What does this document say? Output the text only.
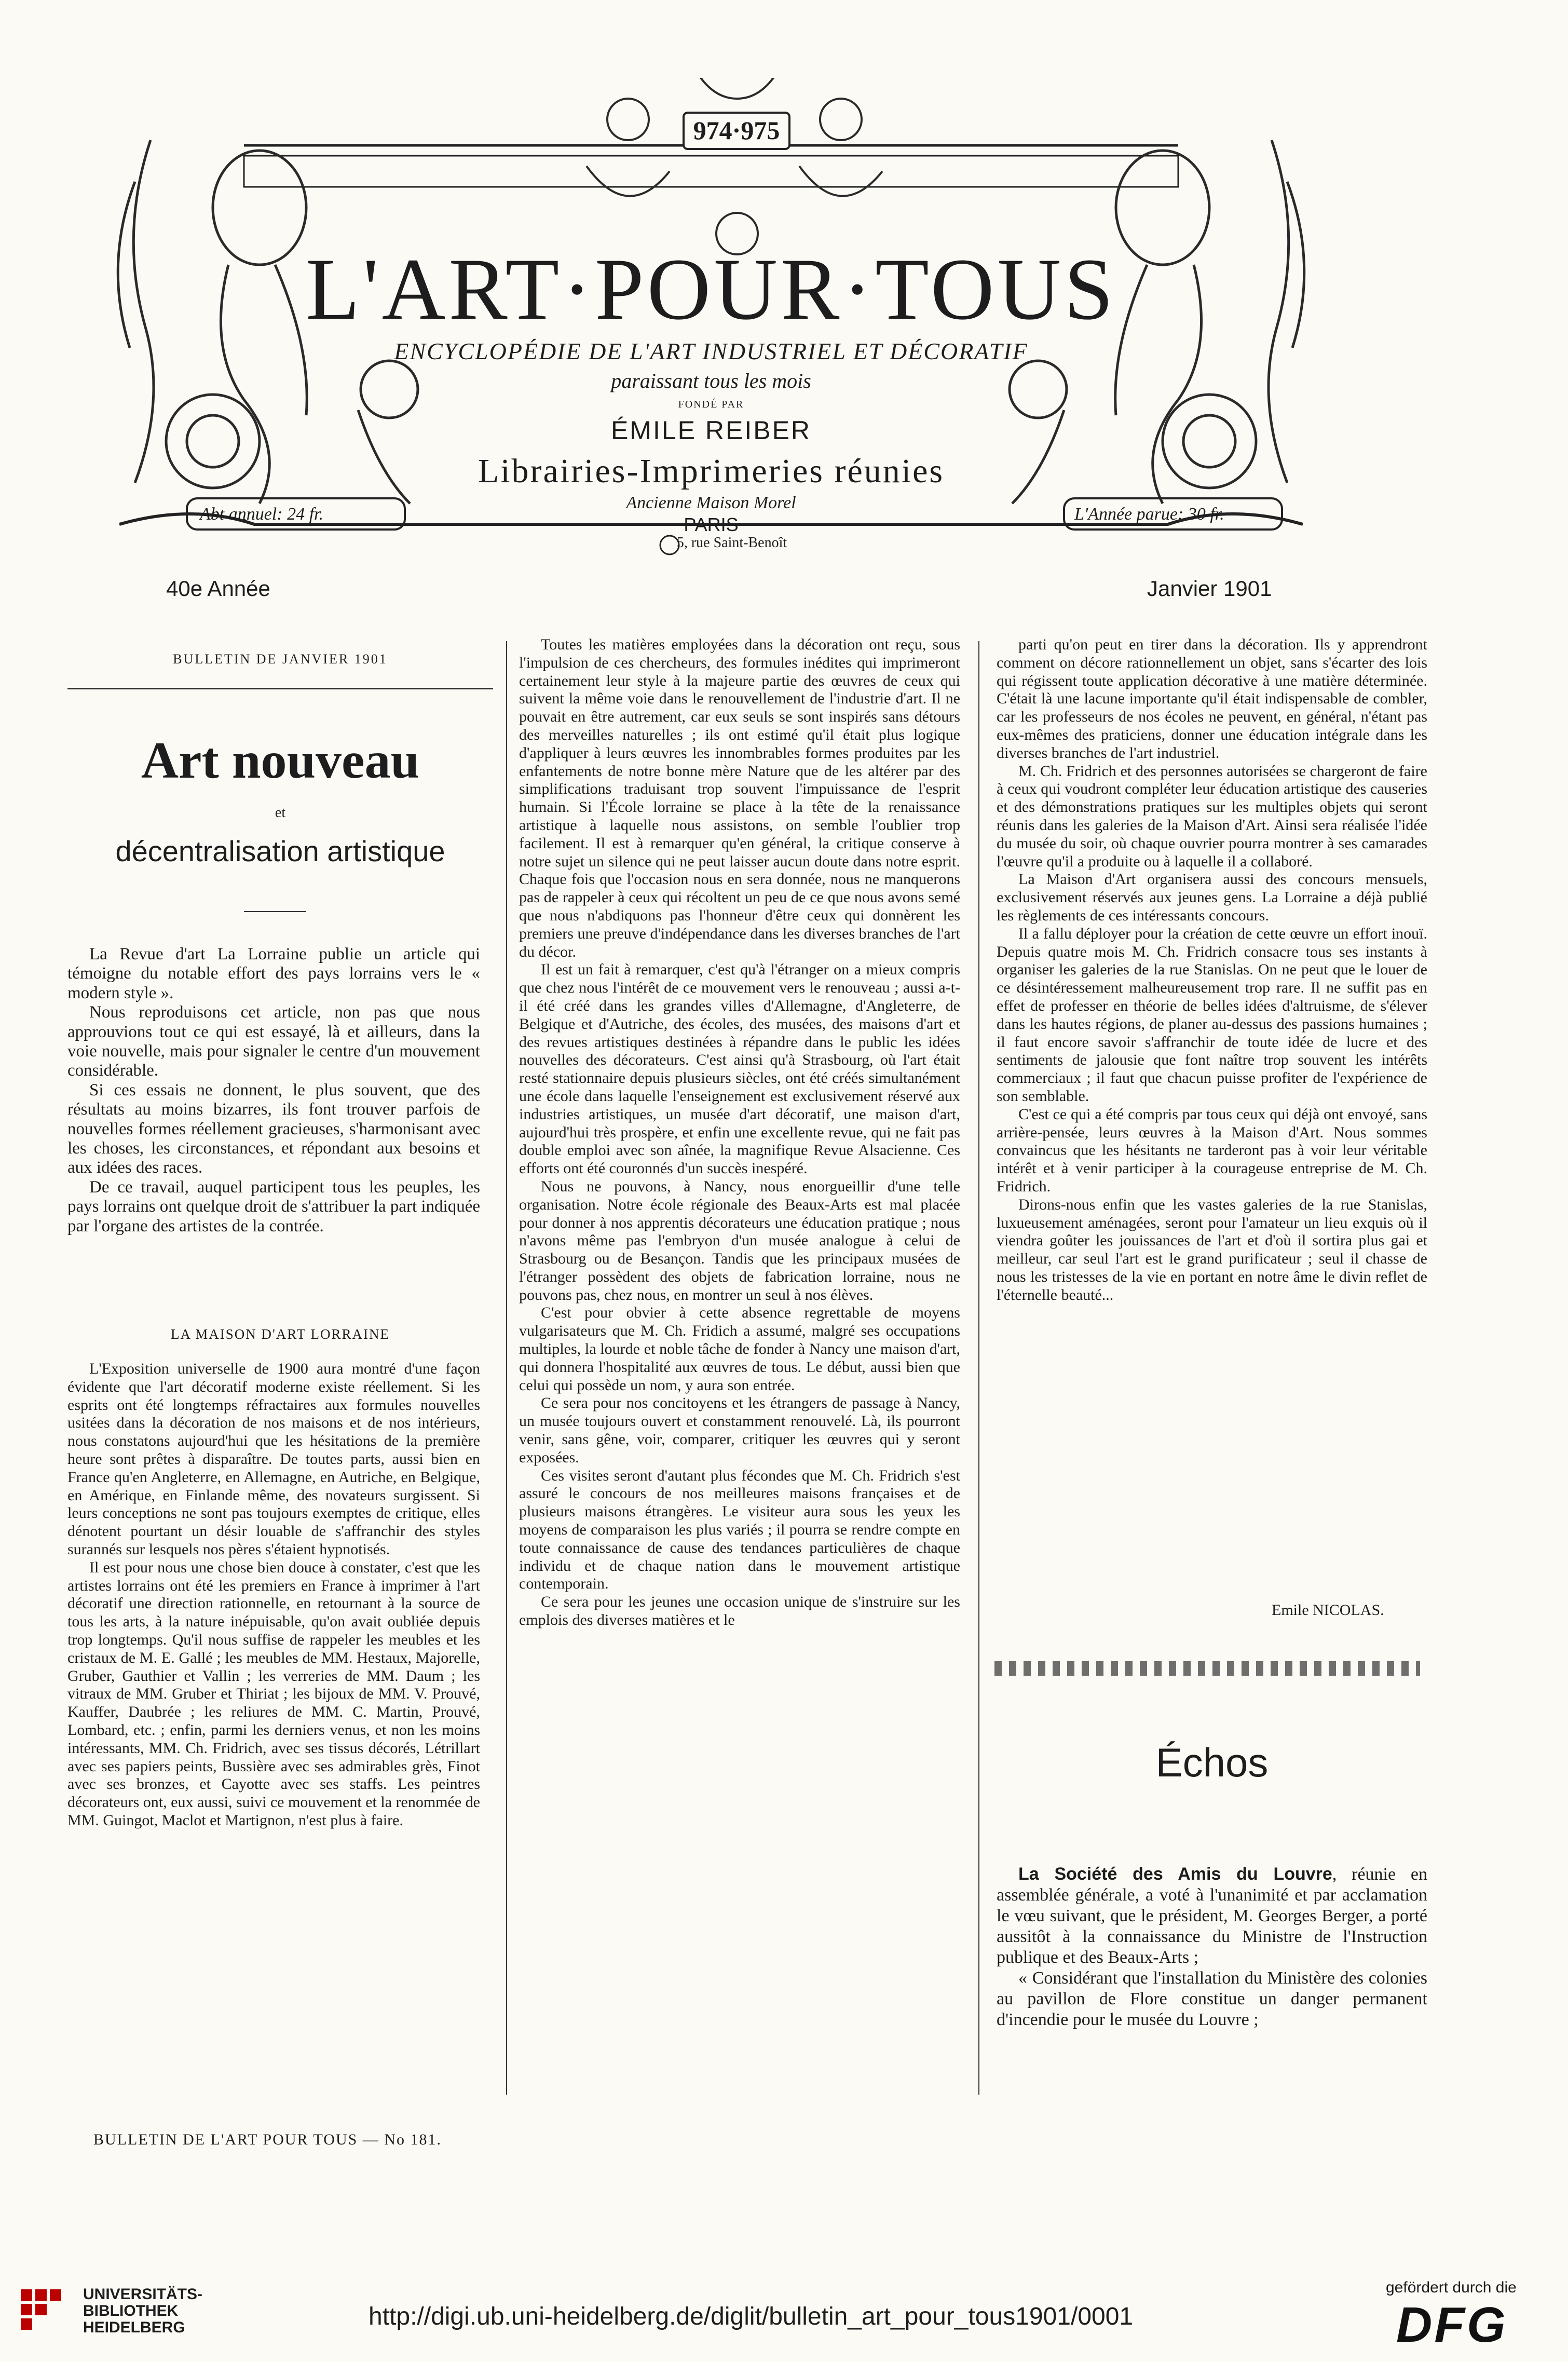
974·975
L'ART·POUR·TOUS
ENCYCLOPÉDIE DE L'ART INDUSTRIEL ET DÉCORATIF
paraissant tous les mois
FONDÉ PAR
ÉMILE REIBER
Librairies-Imprimeries réunies
Ancienne Maison Morel
PARIS
5, rue Saint-Benoît
Abt annuel: 24 fr.	L'Année parue: 30 fr.
40e Année	Janvier 1901
BULLETIN DE JANVIER 1901
Art nouveau
et
décentralisation artistique

La Revue d'art La Lorraine publie un article qui témoigne du notable effort des pays lorrains vers le « modern style ».

Nous reproduisons cet article, non pas que nous approuvions tout ce qui est essayé, là et ailleurs, dans la voie nouvelle, mais pour signaler le centre d'un mouvement considérable.

Si ces essais ne donnent, le plus souvent, que des résultats au moins bizarres, ils font trouver parfois de nouvelles formes réellement gracieuses, s'harmonisant avec les choses, les circonstances, et répondant aux besoins et aux idées des races.

De ce travail, auquel participent tous les peuples, les pays lorrains ont quelque droit de s'attribuer la part indiquée par l'organe des artistes de la contrée.

LA MAISON D'ART LORRAINE

L'Exposition universelle de 1900 aura montré d'une façon évidente que l'art décoratif moderne existe réellement. Si les esprits ont été longtemps réfractaires aux formules nouvelles usitées dans la décoration de nos maisons et de nos intérieurs, nous constatons aujourd'hui que les hésitations de la première heure sont prêtes à disparaître. De toutes parts, aussi bien en France qu'en Angleterre, en Allemagne, en Autriche, en Belgique, en Amérique, en Finlande même, des novateurs surgissent. Si leurs conceptions ne sont pas toujours exemptes de critique, elles dénotent pourtant un désir louable de s'affranchir des styles surannés sur lesquels nos pères s'étaient hypnotisés.

Il est pour nous une chose bien douce à constater, c'est que les artistes lorrains ont été les premiers en France à imprimer à l'art décoratif une direction rationnelle, en retournant à la source de tous les arts, à la nature inépuisable, qu'on avait oubliée depuis trop longtemps. Qu'il nous suffise de rappeler les meubles et les cristaux de M. E. Gallé ; les meubles de MM. Hestaux, Majorelle, Gruber, Gauthier et Vallin ; les verreries de MM. Daum ; les vitraux de MM. Gruber et Thiriat ; les bijoux de MM. V. Prouvé, Kauffer, Daubrée ; les reliures de MM. C. Martin, Prouvé, Lombard, etc. ; enfin, parmi les derniers venus, et non les moins intéressants, MM. Ch. Fridrich, avec ses tissus décorés, Létrillart avec ses papiers peints, Bussière avec ses admirables grès, Finot avec ses bronzes, et Cayotte avec ses staffs. Les peintres décorateurs ont, eux aussi, suivi ce mouvement et la renommée de MM. Guingot, Maclot et Martignon, n'est plus à faire.

Toutes les matières employées dans la décoration ont reçu, sous l'impulsion de ces chercheurs, des formules inédites qui imprimeront certainement leur style à la majeure partie des œuvres de ceux qui suivent la même voie dans le renouvellement de l'industrie d'art. Il ne pouvait en être autrement, car eux seuls se sont inspirés sans détours des merveilles naturelles ; ils ont estimé qu'il était plus logique d'appliquer à leurs œuvres les innombrables formes produites par les enfantements de notre bonne mère Nature que de les altérer par des simplifications traduisant trop souvent l'impuissance de l'esprit humain. Si l'École lorraine se place à la tête de la renaissance artistique à laquelle nous assistons, on semble l'oublier trop facilement. Il est à remarquer qu'en général, la critique conserve à notre sujet un silence qui ne peut laisser aucun doute dans notre esprit. Chaque fois que l'occasion nous en sera donnée, nous ne manquerons pas de rappeler à ceux qui récoltent un peu de ce que nous avons semé que nous n'abdiquons pas l'honneur d'être ceux qui donnèrent les premiers une preuve d'indépendance dans les diverses branches de l'art du décor.

Il est un fait à remarquer, c'est qu'à l'étranger on a mieux compris que chez nous l'intérêt de ce mouvement vers le renouveau ; aussi a-t-il été créé dans les grandes villes d'Allemagne, d'Angleterre, de Belgique et d'Autriche, des écoles, des musées, des maisons d'art et des revues artistiques destinées à répandre dans le public les idées nouvelles des décorateurs. C'est ainsi qu'à Strasbourg, où l'art était resté stationnaire depuis plusieurs siècles, ont été créés simultanément une école dans laquelle l'enseignement est exclusivement réservé aux industries artistiques, un musée d'art décoratif, une maison d'art, aujourd'hui très prospère, et enfin une excellente revue, qui ne fait pas double emploi avec son aînée, la magnifique Revue Alsacienne. Ces efforts ont été couronnés d'un succès inespéré.

Nous ne pouvons, à Nancy, nous enorgueillir d'une telle organisation. Notre école régionale des Beaux-Arts est mal placée pour donner à nos apprentis décorateurs une éducation pratique ; nous n'avons même pas l'embryon d'un musée analogue à celui de Strasbourg ou de Besançon. Tandis que les principaux musées de l'étranger possèdent des objets de fabrication lorraine, nous ne pouvons pas, chez nous, en montrer un seul à nos élèves.

C'est pour obvier à cette absence regrettable de moyens vulgarisateurs que M. Ch. Fridich a assumé, malgré ses occupations multiples, la lourde et noble tâche de fonder à Nancy une maison d'art, qui donnera l'hospitalité aux œuvres de tous. Le début, aussi bien que celui qui possède un nom, y aura son entrée.

Ce sera pour nos concitoyens et les étrangers de passage à Nancy, un musée toujours ouvert et constamment renouvelé. Là, ils pourront venir, sans gêne, voir, comparer, critiquer les œuvres qui y seront exposées.

Ces visites seront d'autant plus fécondes que M. Ch. Fridrich s'est assuré le concours de nos meilleures maisons françaises et de plusieurs maisons étrangères. Le visiteur aura sous les yeux les moyens de comparaison les plus variés ; il pourra se rendre compte en toute connaissance de cause des tendances particulières de chaque individu et de chaque nation dans le mouvement artistique contemporain.

Ce sera pour les jeunes une occasion unique de s'instruire sur les emplois des diverses matières et le

parti qu'on peut en tirer dans la décoration. Ils y apprendront comment on décore rationnellement un objet, sans s'écarter des lois qui régissent toute application décorative à une matière déterminée. C'était là une lacune importante qu'il était indispensable de combler, car les professeurs de nos écoles ne peuvent, en général, n'étant pas eux-mêmes des praticiens, donner une éducation intégrale dans les diverses branches de l'art industriel.

M. Ch. Fridrich et des personnes autorisées se chargeront de faire à ceux qui voudront compléter leur éducation artistique des causeries et des démonstrations pratiques sur les multiples objets qui seront réunis dans les galeries de la Maison d'Art. Ainsi sera réalisée l'idée du musée du soir, où chaque ouvrier pourra montrer à ses camarades l'œuvre qu'il a produite ou à laquelle il a collaboré.

La Maison d'Art organisera aussi des concours mensuels, exclusivement réservés aux jeunes gens. La Lorraine a déjà publié les règlements de ces intéressants concours.

Il a fallu déployer pour la création de cette œuvre un effort inouï. Depuis quatre mois M. Ch. Fridrich consacre tous ses instants à organiser les galeries de la rue Stanislas. On ne peut que le louer de ce désintéressement malheureusement trop rare. Il ne suffit pas en effet de professer en théorie de belles idées d'altruisme, de s'élever dans les hautes régions, de planer au-dessus des passions humaines ; il faut encore savoir s'affranchir de toute idée de lucre et des sentiments de jalousie que font naître trop souvent les intérêts commerciaux ; il faut que chacun puisse profiter de l'expérience de son semblable.

C'est ce qui a été compris par tous ceux qui déjà ont envoyé, sans arrière-pensée, leurs œuvres à la Maison d'Art. Nous sommes convaincus que les hésitants ne tarderont pas à voir leur véritable intérêt et à venir participer à la courageuse entreprise de M. Ch. Fridrich.

Dirons-nous enfin que les vastes galeries de la rue Stanislas, luxueusement aménagées, seront pour l'amateur un lieu exquis où il viendra goûter les jouissances de l'art et d'où il sortira plus gai et meilleur, car seul l'art est le grand purificateur ; seul il chasse de nous les tristesses de la vie en portant en notre âme le divin reflet de l'éternelle beauté...

Emile NICOLAS.
Échos

La Société des Amis du Louvre, réunie en assemblée générale, a voté à l'unanimité et par acclamation le vœu suivant, que le président, M. Georges Berger, a porté aussitôt à la connaissance du Ministre de l'Instruction publique et des Beaux-Arts ;

« Considérant que l'installation du Ministère des colonies au pavillon de Flore constitue un danger permanent d'incendie pour le musée du Louvre ;

BULLETIN DE L'ART POUR TOUS — No 181.
UNIVERSITÄTS-
BIBLIOTHEK
HEIDELBERG	http://digi.ub.uni-heidelberg.de/diglit/bulletin_art_pour_tous1901/0001
gefördert durch die
DFG
